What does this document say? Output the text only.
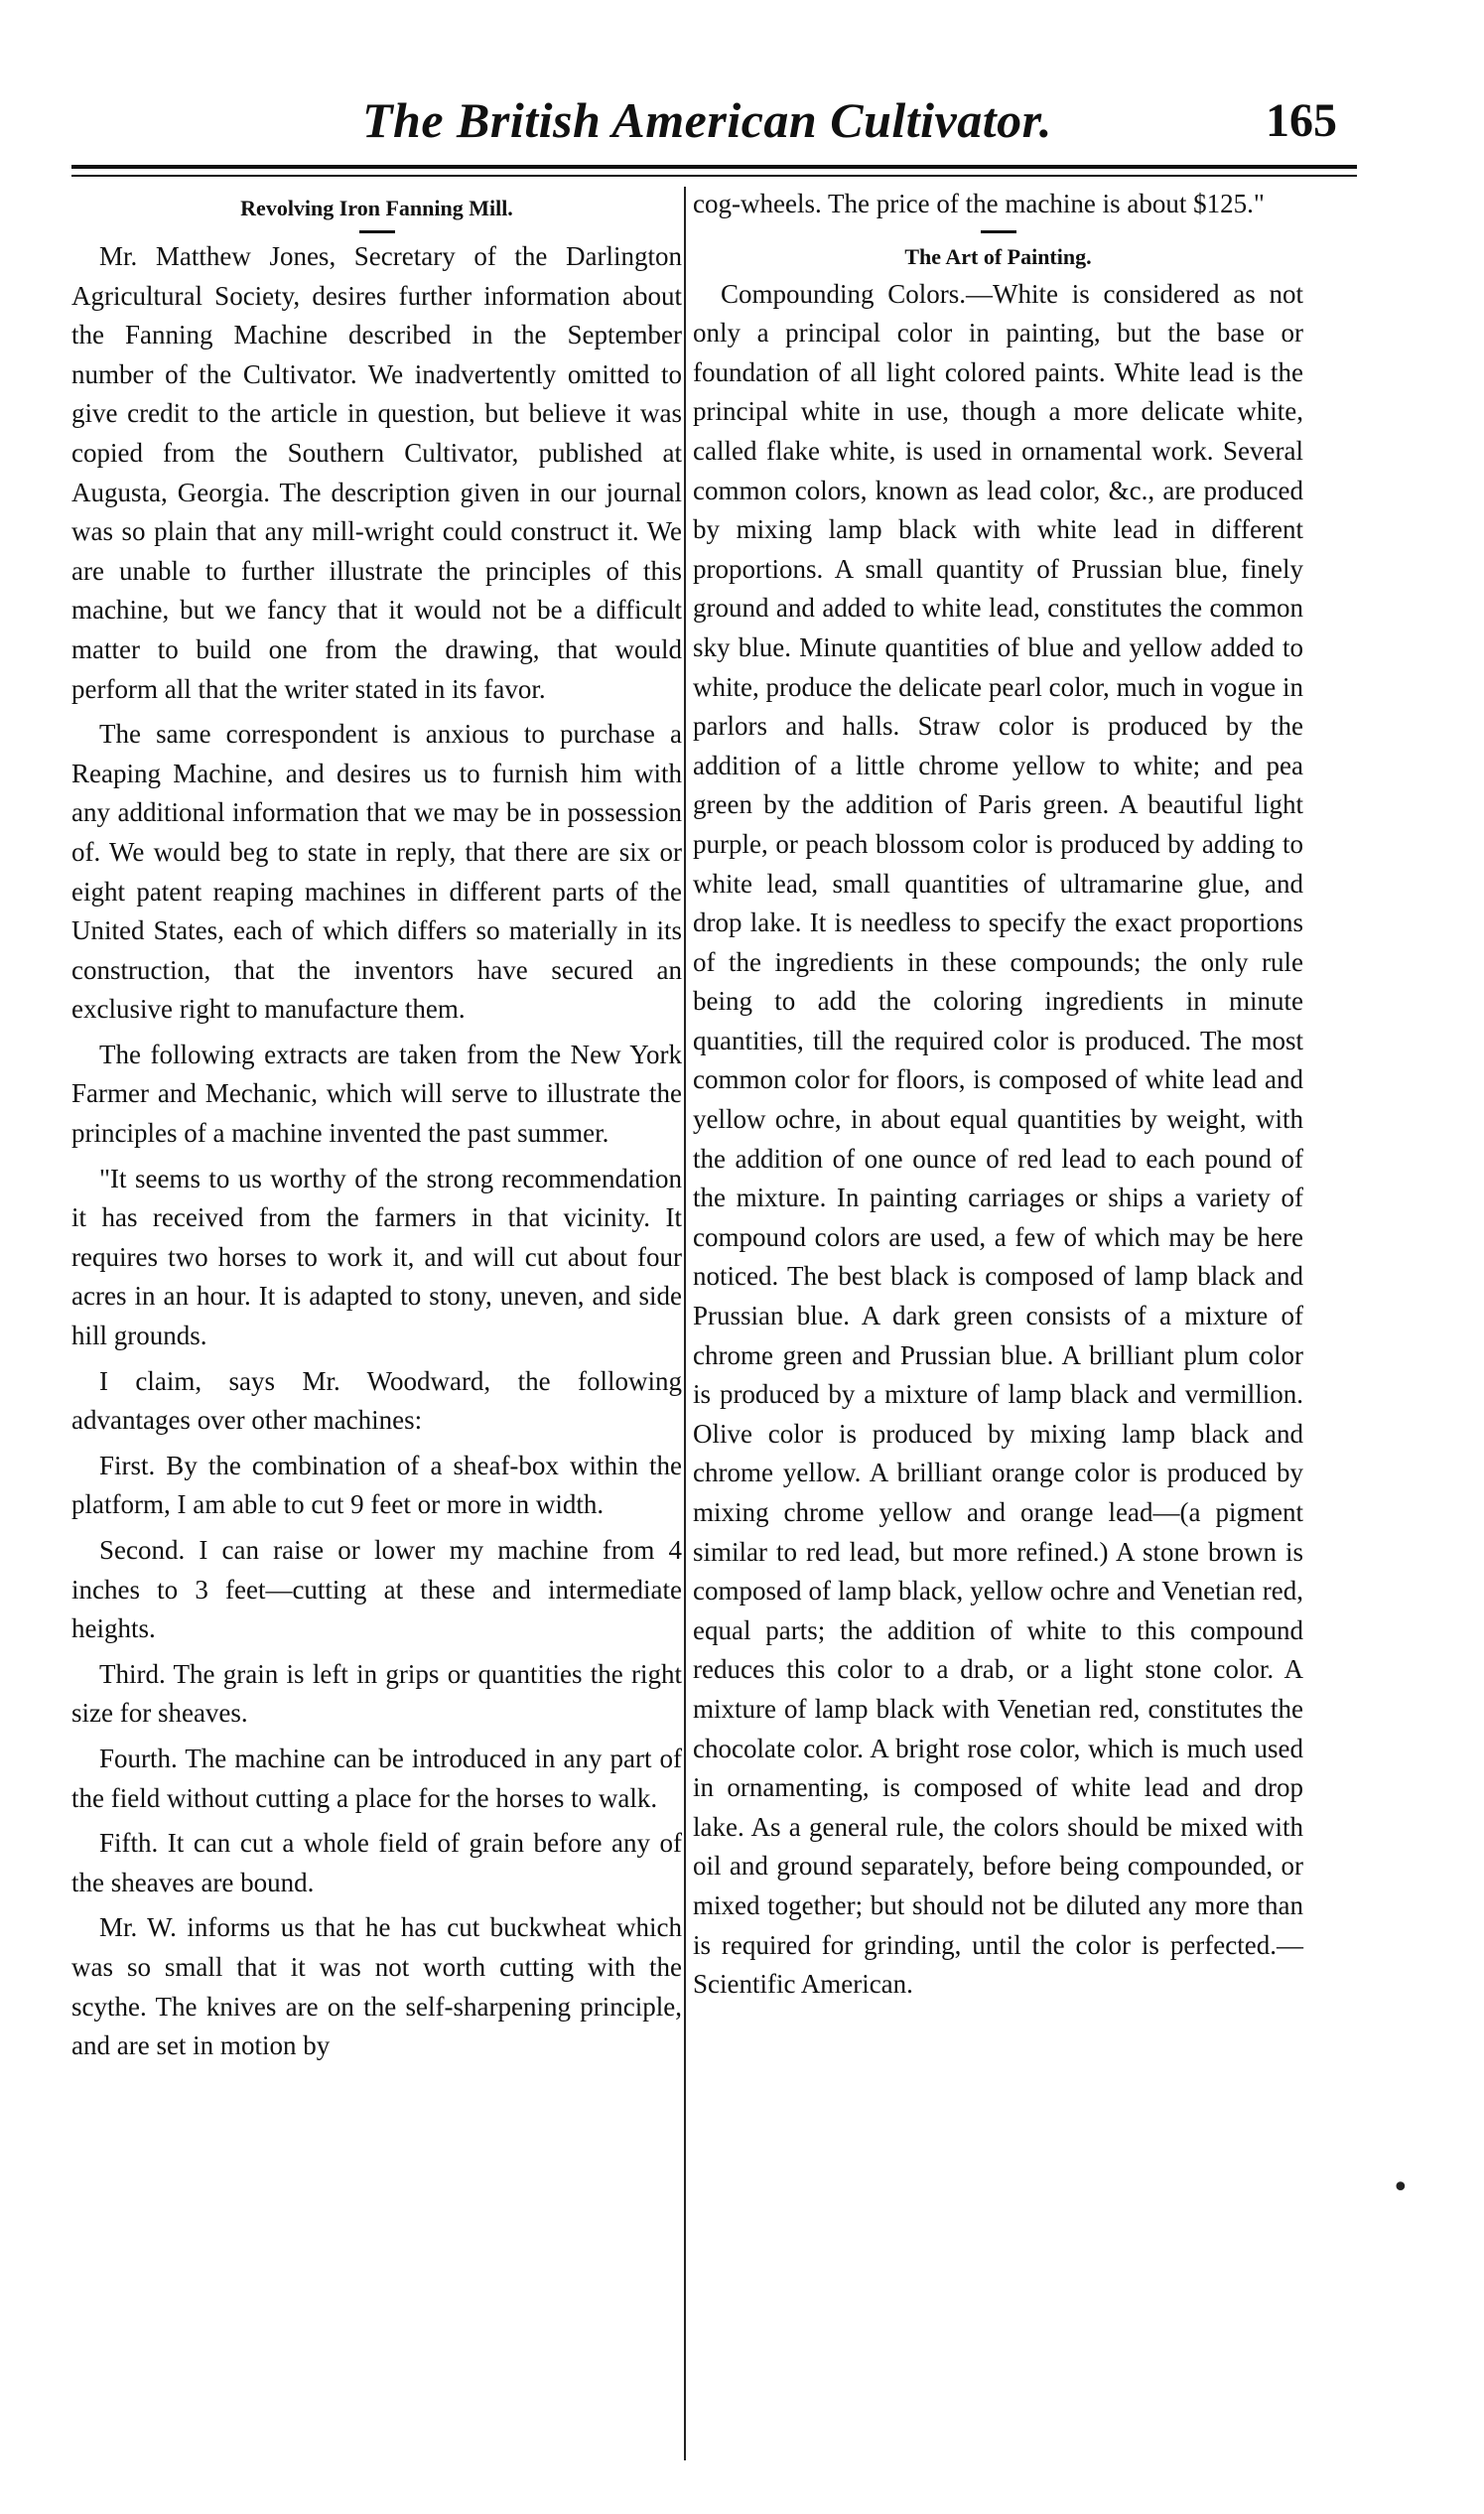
The British American Cultivator.	165
Revolving Iron Fanning Mill.

Mr. Matthew Jones, Secretary of the Darlington Agricultural Society, desires further information about the Fanning Machine described in the September number of the Cultivator. We inadvertently omitted to give credit to the article in question, but believe it was copied from the Southern Cultivator, published at Augusta, Georgia. The description given in our journal was so plain that any mill-wright could construct it. We are unable to further illustrate the principles of this machine, but we fancy that it would not be a difficult matter to build one from the drawing, that would perform all that the writer stated in its favor.

The same correspondent is anxious to purchase a Reaping Machine, and desires us to furnish him with any additional information that we may be in possession of. We would beg to state in reply, that there are six or eight patent reaping machines in different parts of the United States, each of which differs so materially in its construction, that the inventors have secured an exclusive right to manufacture them.

The following extracts are taken from the New York Farmer and Mechanic, which will serve to illustrate the principles of a machine invented the past summer.

"It seems to us worthy of the strong recommendation it has received from the farmers in that vicinity. It requires two horses to work it, and will cut about four acres in an hour. It is adapted to stony, uneven, and side hill grounds.

I claim, says Mr. Woodward, the following advantages over other machines:

First. By the combination of a sheaf-box within the platform, I am able to cut 9 feet or more in width.

Second. I can raise or lower my machine from 4 inches to 3 feet—cutting at these and intermediate heights.

Third. The grain is left in grips or quantities the right size for sheaves.

Fourth. The machine can be introduced in any part of the field without cutting a place for the horses to walk.

Fifth. It can cut a whole field of grain before any of the sheaves are bound.

Mr. W. informs us that he has cut buckwheat which was so small that it was not worth cutting with the scythe. The knives are on the self-sharpening principle, and are set in motion by

cog-wheels. The price of the machine is about $125."

The Art of Painting.

Compounding Colors.—White is considered as not only a principal color in painting, but the base or foundation of all light colored paints. White lead is the principal white in use, though a more delicate white, called flake white, is used in ornamental work. Several common colors, known as lead color, &c., are produced by mixing lamp black with white lead in different proportions. A small quantity of Prussian blue, finely ground and added to white lead, constitutes the common sky blue. Minute quantities of blue and yellow added to white, produce the delicate pearl color, much in vogue in parlors and halls. Straw color is produced by the addition of a little chrome yellow to white; and pea green by the addition of Paris green. A beautiful light purple, or peach blossom color is produced by adding to white lead, small quantities of ultramarine glue, and drop lake. It is needless to specify the exact proportions of the ingredients in these compounds; the only rule being to add the coloring ingredients in minute quantities, till the required color is produced. The most common color for floors, is composed of white lead and yellow ochre, in about equal quantities by weight, with the addition of one ounce of red lead to each pound of the mixture. In painting carriages or ships a variety of compound colors are used, a few of which may be here noticed. The best black is composed of lamp black and Prussian blue. A dark green consists of a mixture of chrome green and Prussian blue. A brilliant plum color is produced by a mixture of lamp black and vermillion. Olive color is produced by mixing lamp black and chrome yellow. A brilliant orange color is produced by mixing chrome yellow and orange lead—(a pigment similar to red lead, but more refined.) A stone brown is composed of lamp black, yellow ochre and Venetian red, equal parts; the addition of white to this compound reduces this color to a drab, or a light stone color. A mixture of lamp black with Venetian red, constitutes the chocolate color. A bright rose color, which is much used in ornamenting, is composed of white lead and drop lake. As a general rule, the colors should be mixed with oil and ground separately, before being compounded, or mixed together; but should not be diluted any more than is required for grinding, until the color is perfected.—Scientific American.

•
